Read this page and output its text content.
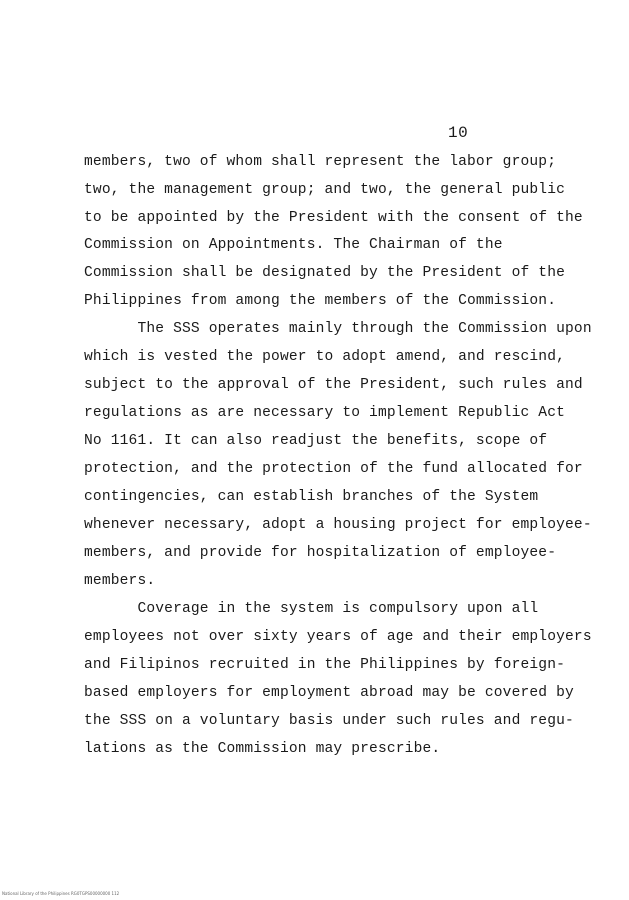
10
members, two of whom shall represent the labor group;
two, the management group; and two, the general public
to be appointed by the President with the consent of the
Commission on Appointments. The Chairman of the
Commission shall be designated by the President of the
Philippines from among the members of the Commission.
The SSS operates mainly through the Commission upon
which is vested the power to adopt amend, and rescind,
subject to the approval of the President, such rules and
regulations as are necessary to implement Republic Act
No 1161. It can also readjust the benefits, scope of
protection, and the protection of the fund allocated for
contingencies, can establish branches of the System
whenever necessary, adopt a housing project for employee-
members, and provide for hospitalization of employee-
members.
Coverage in the system is compulsory upon all
employees not over sixty years of age and their employers
and Filipinos recruited in the Philippines by foreign-
based employers for employment abroad may be covered by
the SSS on a voluntary basis under such rules and regu-
lations as the Commission may prescribe.
National Library of the Philippines RG0TGPS00000000 112
